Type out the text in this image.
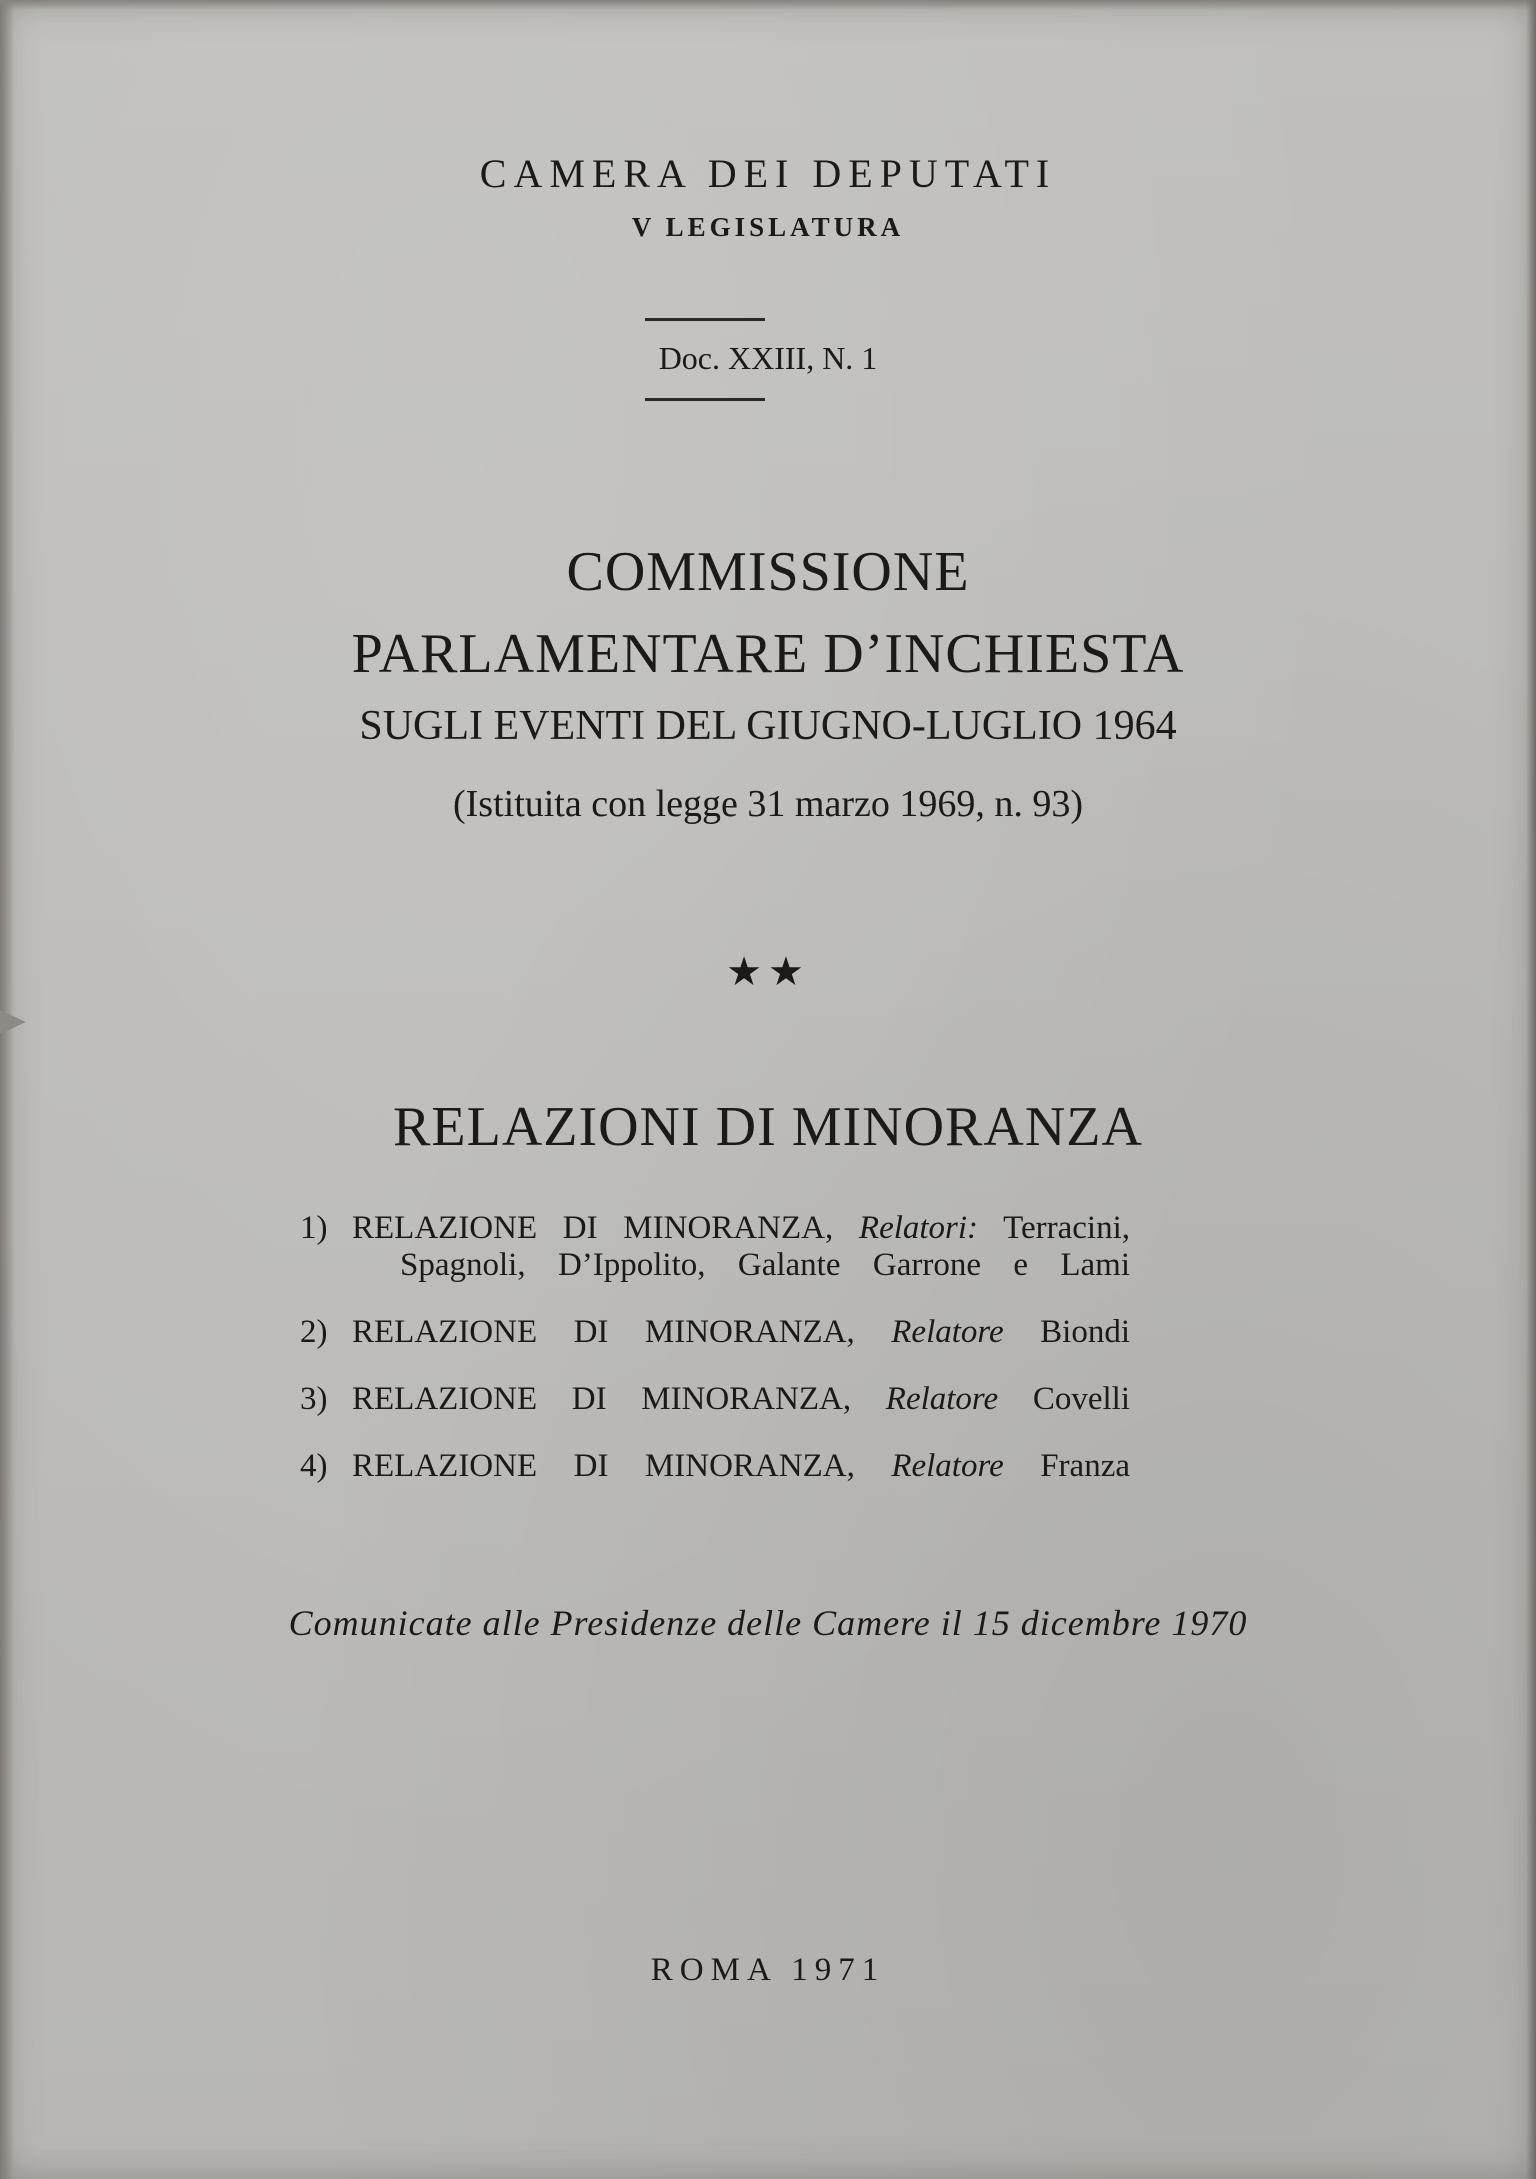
CAMERA DEI DEPUTATI
V LEGISLATURA
Doc. XXIII, N. 1
COMMISSIONE
PARLAMENTARE D’INCHIESTA
SUGLI EVENTI DEL GIUGNO-LUGLIO 1964
(Istituita con legge 31 marzo 1969, n. 93)
★★
RELAZIONI DI MINORANZA
1) RELAZIONE DI MINORANZA, Relatori: Terracini,
Spagnoli, D’Ippolito, Galante Garrone e Lami
2) RELAZIONE DI MINORANZA, Relatore Biondi
3) RELAZIONE DI MINORANZA, Relatore Covelli
4) RELAZIONE DI MINORANZA, Relatore Franza
Comunicate alle Presidenze delle Camere il 15 dicembre 1970
ROMA 1971
